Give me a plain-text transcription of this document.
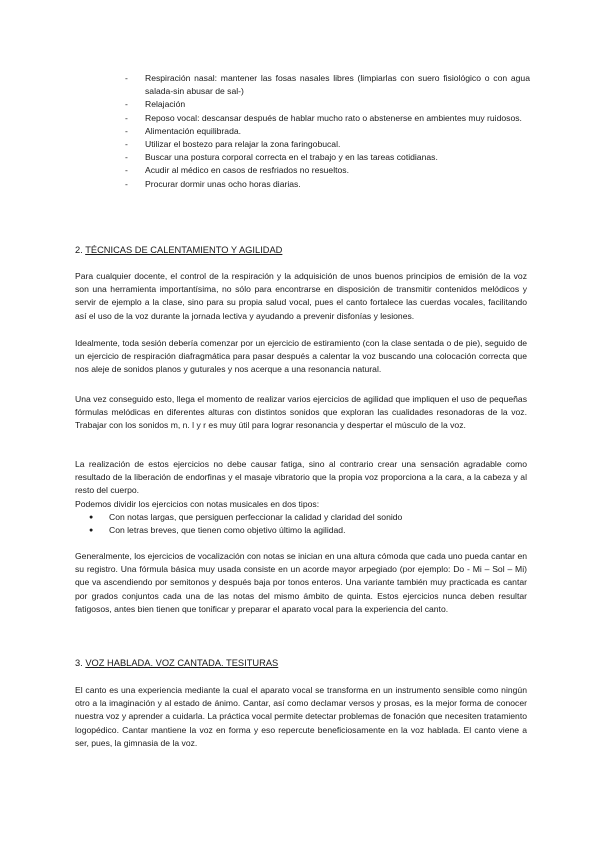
- Respiración nasal: mantener las fosas nasales libres (limpiarlas con suero fisiológico o con agua salada-sin abusar de sal-)
- Relajación
- Reposo vocal: descansar después de hablar mucho rato o abstenerse en ambientes muy ruidosos.
- Alimentación equilibrada.
- Utilizar el bostezo para relajar la zona faringobucal.
- Buscar una postura corporal correcta en el trabajo y en las tareas cotidianas.
- Acudir al médico en casos de resfriados no resueltos.
- Procurar dormir unas ocho horas diarias.
2. TÉCNICAS DE CALENTAMIENTO Y AGILIDAD

Para cualquier docente, el control de la respiración y la adquisición de unos buenos principios de emisión de la voz son una herramienta importantísima, no sólo para encontrarse en disposición de transmitir contenidos melódicos y servir de ejemplo a la clase, sino para su propia salud vocal, pues el canto fortalece las cuerdas vocales, facilitando así el uso de la voz durante la jornada lectiva y ayudando a prevenir disfonías y lesiones.

Idealmente, toda sesión debería comenzar por un ejercicio de estiramiento (con la clase sentada o de pie), seguido de un ejercicio de respiración diafragmática para pasar después a calentar la voz buscando una colocación correcta que nos aleje de sonidos planos y guturales y nos acerque a una resonancia natural.

Una vez conseguido esto, llega el momento de realizar varios ejercicios de agilidad que impliquen el uso de pequeñas fórmulas melódicas en diferentes alturas con distintos sonidos que exploran las cualidades resonadoras de la voz. Trabajar con los sonidos m, n. l y r es muy útil para lograr resonancia y despertar el músculo de la voz.

La realización de estos ejercicios no debe causar fatiga, sino al contrario crear una sensación agradable como resultado de la liberación de endorfinas y el masaje vibratorio que la propia voz proporciona a la cara, a la cabeza y al resto del cuerpo.

Podemos dividir los ejercicios con notas musicales en dos tipos:

● Con notas largas, que persiguen perfeccionar la calidad y claridad del sonido
● Con letras breves, que tienen como objetivo último la agilidad.

Generalmente, los ejercicios de vocalización con notas se inician en una altura cómoda que cada uno pueda cantar en su registro. Una fórmula básica muy usada consiste en un acorde mayor arpegiado (por ejemplo: Do - Mi – Sol – Mi) que va ascendiendo por semitonos y después baja por tonos enteros. Una variante también muy practicada es cantar por grados conjuntos cada una de las notas del mismo ámbito de quinta. Estos ejercicios nunca deben resultar fatigosos, antes bien tienen que tonificar y preparar el aparato vocal para la experiencia del canto.

3. VOZ HABLADA. VOZ CANTADA. TESITURAS

El canto es una experiencia mediante la cual el aparato vocal se transforma en un instrumento sensible como ningún otro a la imaginación y al estado de ánimo. Cantar, así como declamar versos y prosas, es la mejor forma de conocer nuestra voz y aprender a cuidarla. La práctica vocal permite detectar problemas de fonación que necesiten tratamiento logopédico. Cantar mantiene la voz en forma y eso repercute beneficiosamente en la voz hablada. El canto viene a ser, pues, la gimnasia de la voz.
